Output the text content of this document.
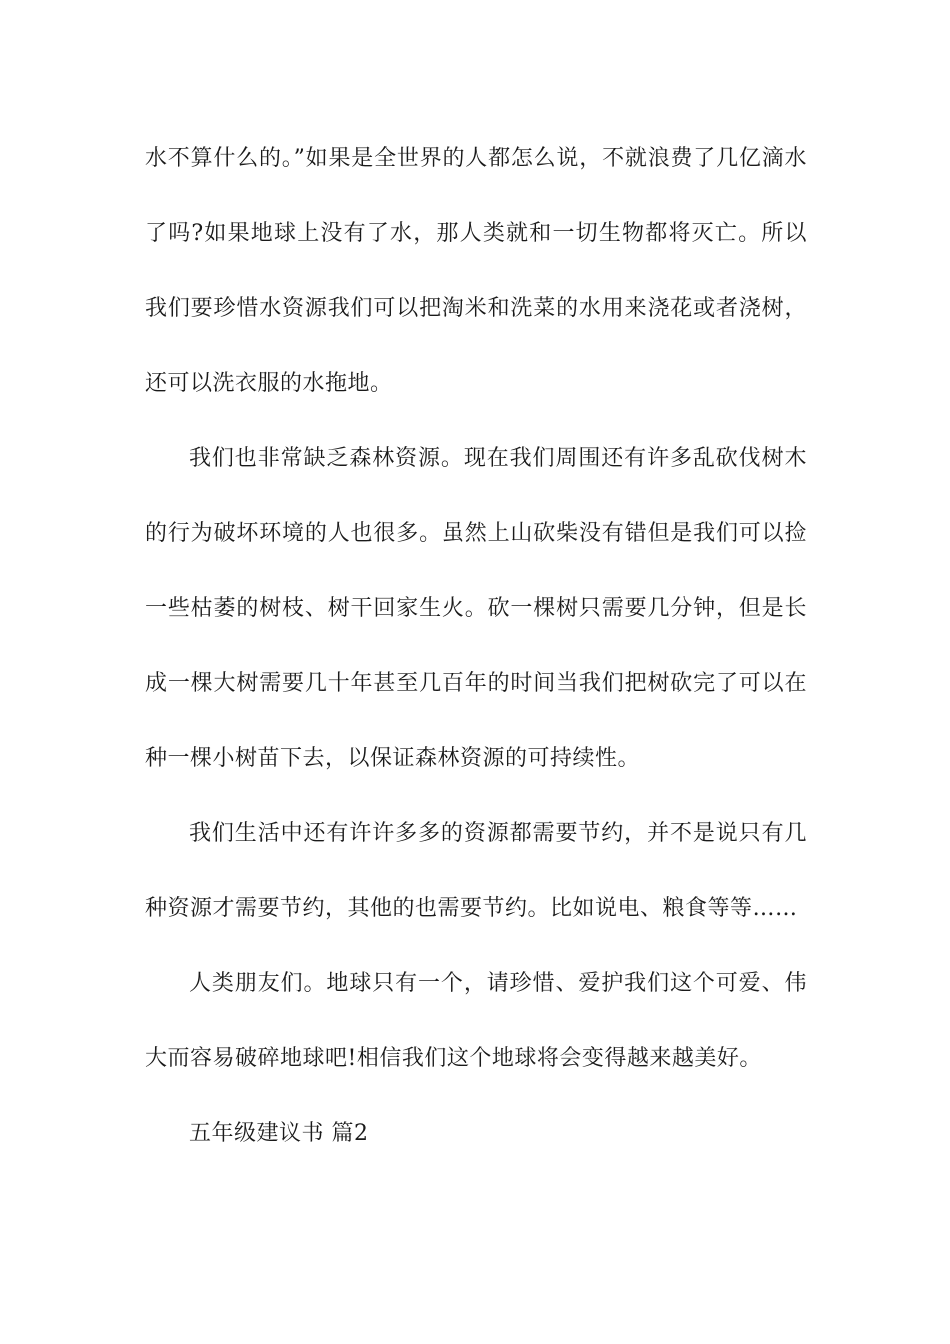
水不算什么的。”如果是全世界的人都怎么说，不就浪费了几亿滴水了吗?如果地球上没有了水，那人类就和一切生物都将灭亡。所以我们要珍惜水资源我们可以把淘米和洗菜的水用来浇花或者浇树，还可以洗衣服的水拖地。

我们也非常缺乏森林资源。现在我们周围还有许多乱砍伐树木的行为破坏环境的人也很多。虽然上山砍柴没有错但是我们可以捡一些枯萎的树枝、树干回家生火。砍一棵树只需要几分钟，但是长成一棵大树需要几十年甚至几百年的时间当我们把树砍完了可以在种一棵小树苗下去，以保证森林资源的可持续性。

我们生活中还有许许多多的资源都需要节约，并不是说只有几种资源才需要节约，其他的也需要节约。比如说电、粮食等等……

人类朋友们。地球只有一个，请珍惜、爱护我们这个可爱、伟大而容易破碎地球吧!相信我们这个地球将会变得越来越美好。

五年级建议书 篇2
